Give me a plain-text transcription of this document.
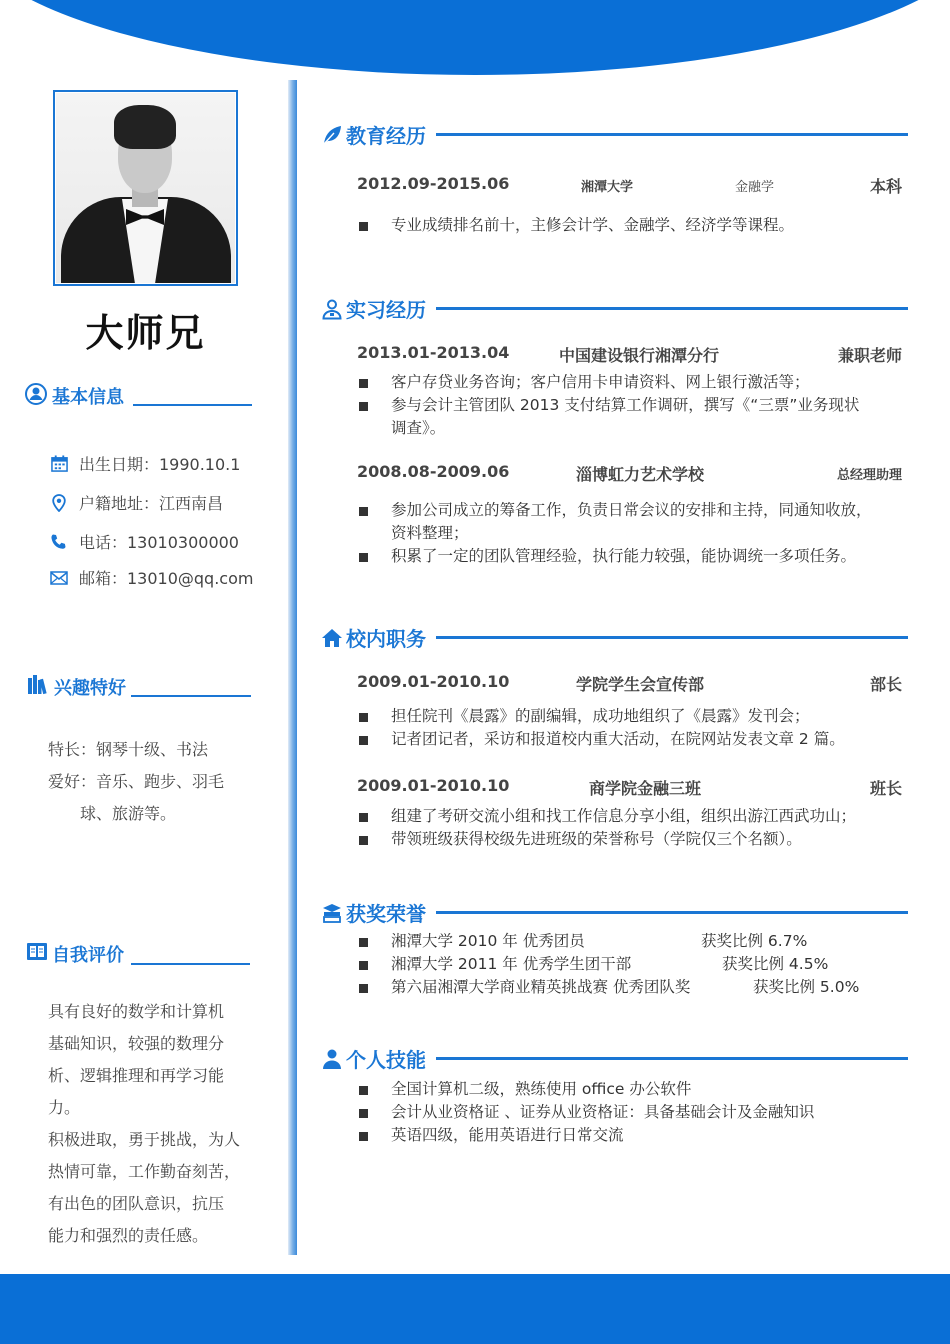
大师兄
基本信息
出生日期：1990.10.1
户籍地址：江西南昌
电话：13010300000
邮箱：13010@qq.com
兴趣特好
特长：钢琴十级、书法
爱好：音乐、跑步、羽毛
球、旅游等。
自我评价
具有良好的数学和计算机
基础知识，较强的数理分
析、逻辑推理和再学习能
力。
积极进取，勇于挑战，为人
热情可靠，工作勤奋刻苦，
有出色的团队意识，抗压
能力和强烈的责任感。
教育经历
2012.09-2015.06	湘潭大学	金融学	本科
专业成绩排名前十，主修会计学、金融学、经济学等课程。
实习经历
2013.01-2013.04	中国建设银行湘潭分行	兼职老师
客户存贷业务咨询；客户信用卡申请资料、网上银行激活等；
参与会计主管团队 2013 支付结算工作调研，撰写《“三票”业务现状
调查》。
2008.08-2009.06	淄博虹力艺术学校	总经理助理
参加公司成立的筹备工作，负责日常会议的安排和主持，同通知收放，
资料整理；
积累了一定的团队管理经验，执行能力较强，能协调统一多项任务。
校内职务
2009.01-2010.10	学院学生会宣传部	部长
担任院刊《晨露》的副编辑，成功地组织了《晨露》发刊会；
记者团记者，采访和报道校内重大活动，在院网站发表文章 2 篇。
2009.01-2010.10	商学院金融三班	班长
组建了考研交流小组和找工作信息分享小组，组织出游江西武功山；
带领班级获得校级先进班级的荣誉称号（学院仅三个名额）。
获奖荣誉
湘潭大学 2010 年 优秀团员	获奖比例 6.7%
湘潭大学 2011 年 优秀学生团干部	获奖比例 4.5%
第六届湘潭大学商业精英挑战赛 优秀团队奖	获奖比例 5.0%
个人技能
全国计算机二级，熟练使用 office 办公软件
会计从业资格证 、证券从业资格证：具备基础会计及金融知识
英语四级，能用英语进行日常交流
